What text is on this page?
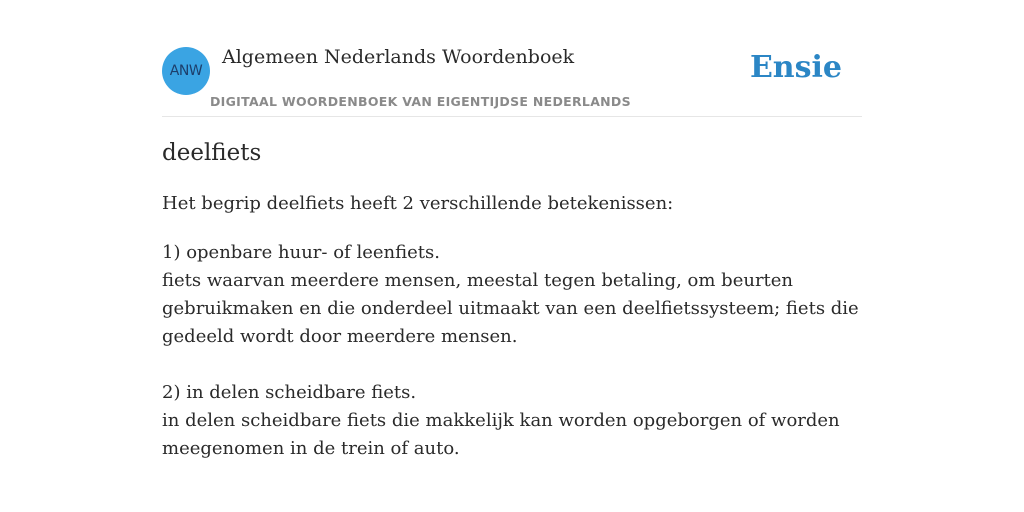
ANW
Algemeen Nederlands Woordenboek
DIGITAAL WOORDENBOEK VAN EIGENTIJDSE NEDERLANDS
Ensie
deelfiets
Het begrip deelfiets heeft 2 verschillende betekenissen:
1) openbare huur- of leenfiets.
fiets waarvan meerdere mensen, meestal tegen betaling, om beurten
gebruikmaken en die onderdeel uitmaakt van een deelfietssysteem; fiets die
gedeeld wordt door meerdere mensen.
2) in delen scheidbare fiets.
in delen scheidbare fiets die makkelijk kan worden opgeborgen of worden
meegenomen in de trein of auto.
